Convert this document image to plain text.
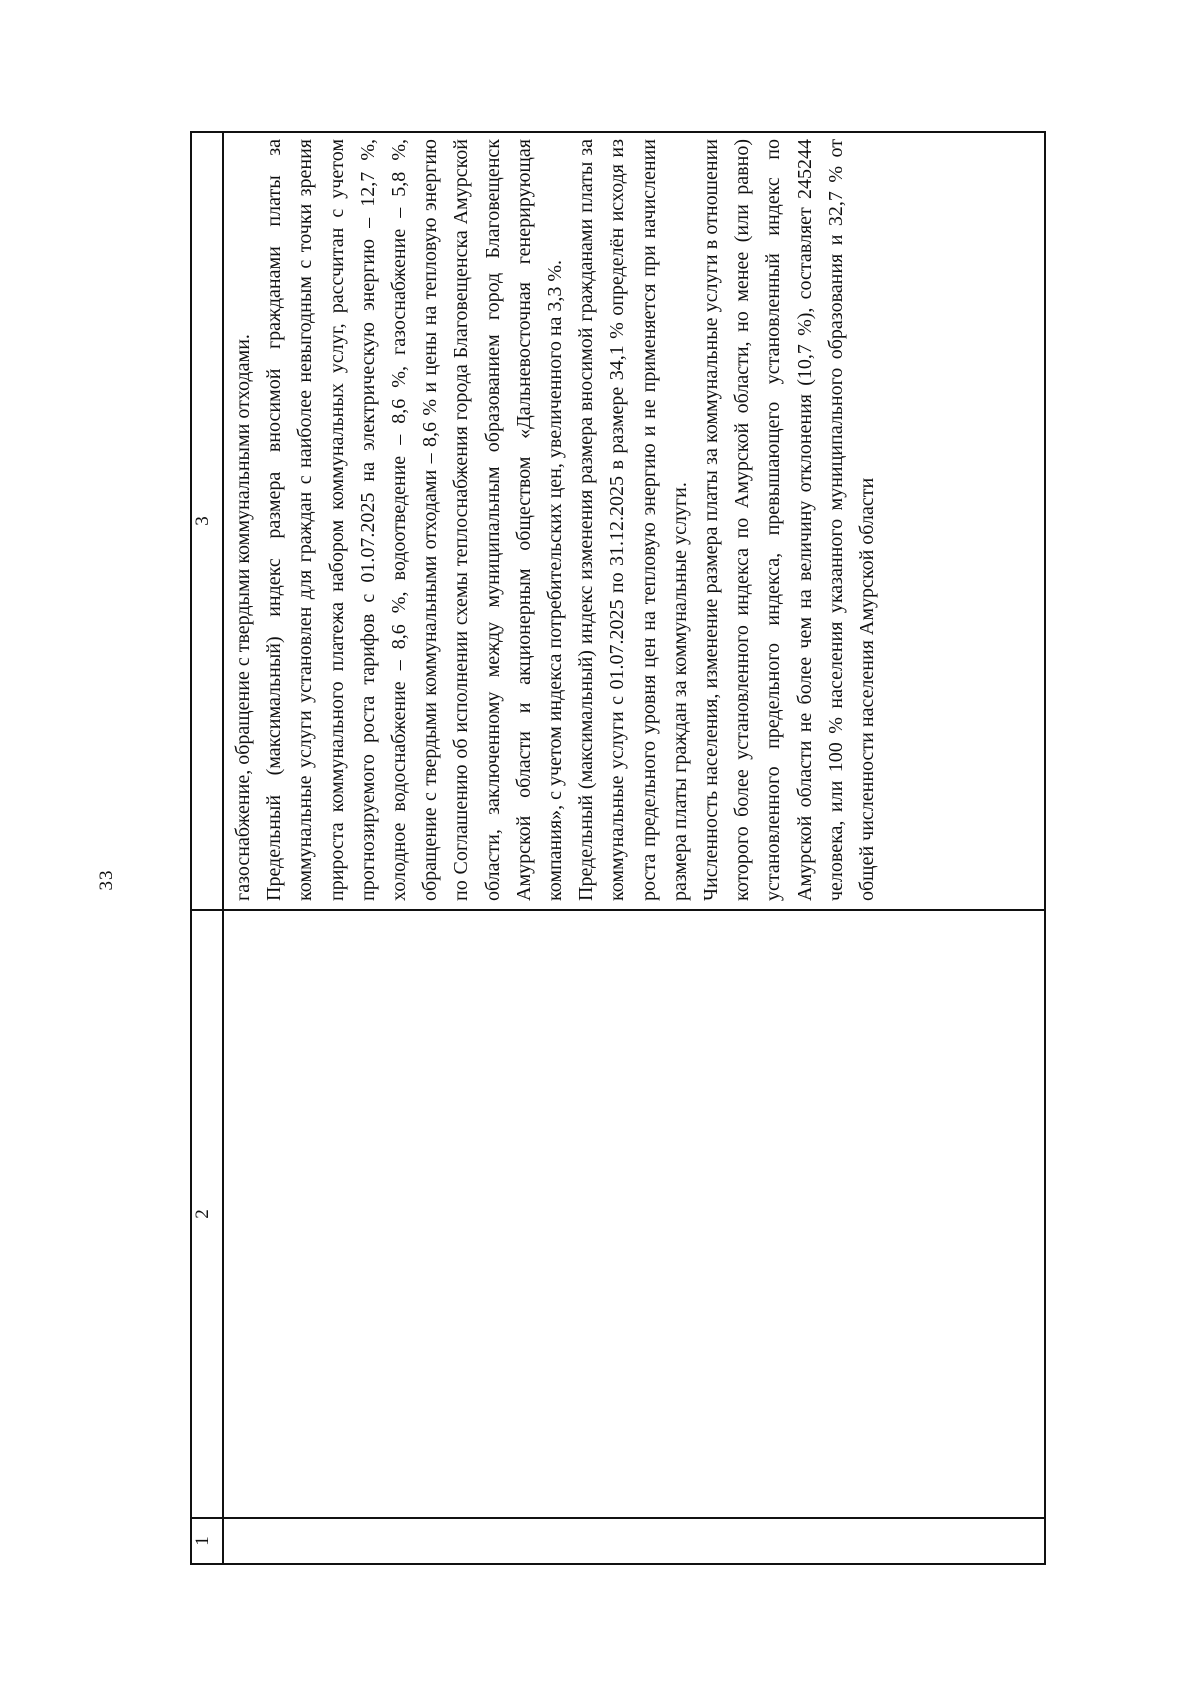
33
1	2	3

		газоснабжение, обращение с твердыми коммунальными отходами. Предельный (максимальный) индекс размера вносимой гражданами платы за коммунальные услуги установлен для граждан с наиболее невыгодным с точки зрения прироста коммунального платежа набором коммунальных услуг, рассчитан с учетом прогнозируемого роста тарифов с 01.07.2025 на электрическую энергию – 12,7 %, холодное водоснабжение – 8,6 %, водоотведение – 8,6 %, газоснабжение – 5,8 %, обращение с твердыми коммунальными отходами – 8,6 % и цены на тепловую энергию по Соглашению об исполнении схемы теплоснабжения города Благовещенска Амурской области, заключенному между муниципальным образованием город Благовещенск Амурской области и акционерным обществом «Дальневосточная генерирующая компания», с учетом индекса потребительских цен, увеличенного на 3,3 %. Предельный (максимальный) индекс изменения размера вносимой гражданами платы за коммунальные услуги с 01.07.2025 по 31.12.2025 в размере 34,1 % определён исходя из роста предельного уровня цен на тепловую энергию и не применяется при начислении размера платы граждан за коммунальные услуги. Численность населения, изменение размера платы за коммунальные услуги в отношении которого более установленного индекса по Амурской области, но менее (или равно) установленного предельного индекса, превышающего установленный индекс по Амурской области не более чем на величину отклонения (10,7 %), составляет 245244 человека, или 100 % населения указанного муниципального образования и 32,7 % от общей численности населения Амурской области
